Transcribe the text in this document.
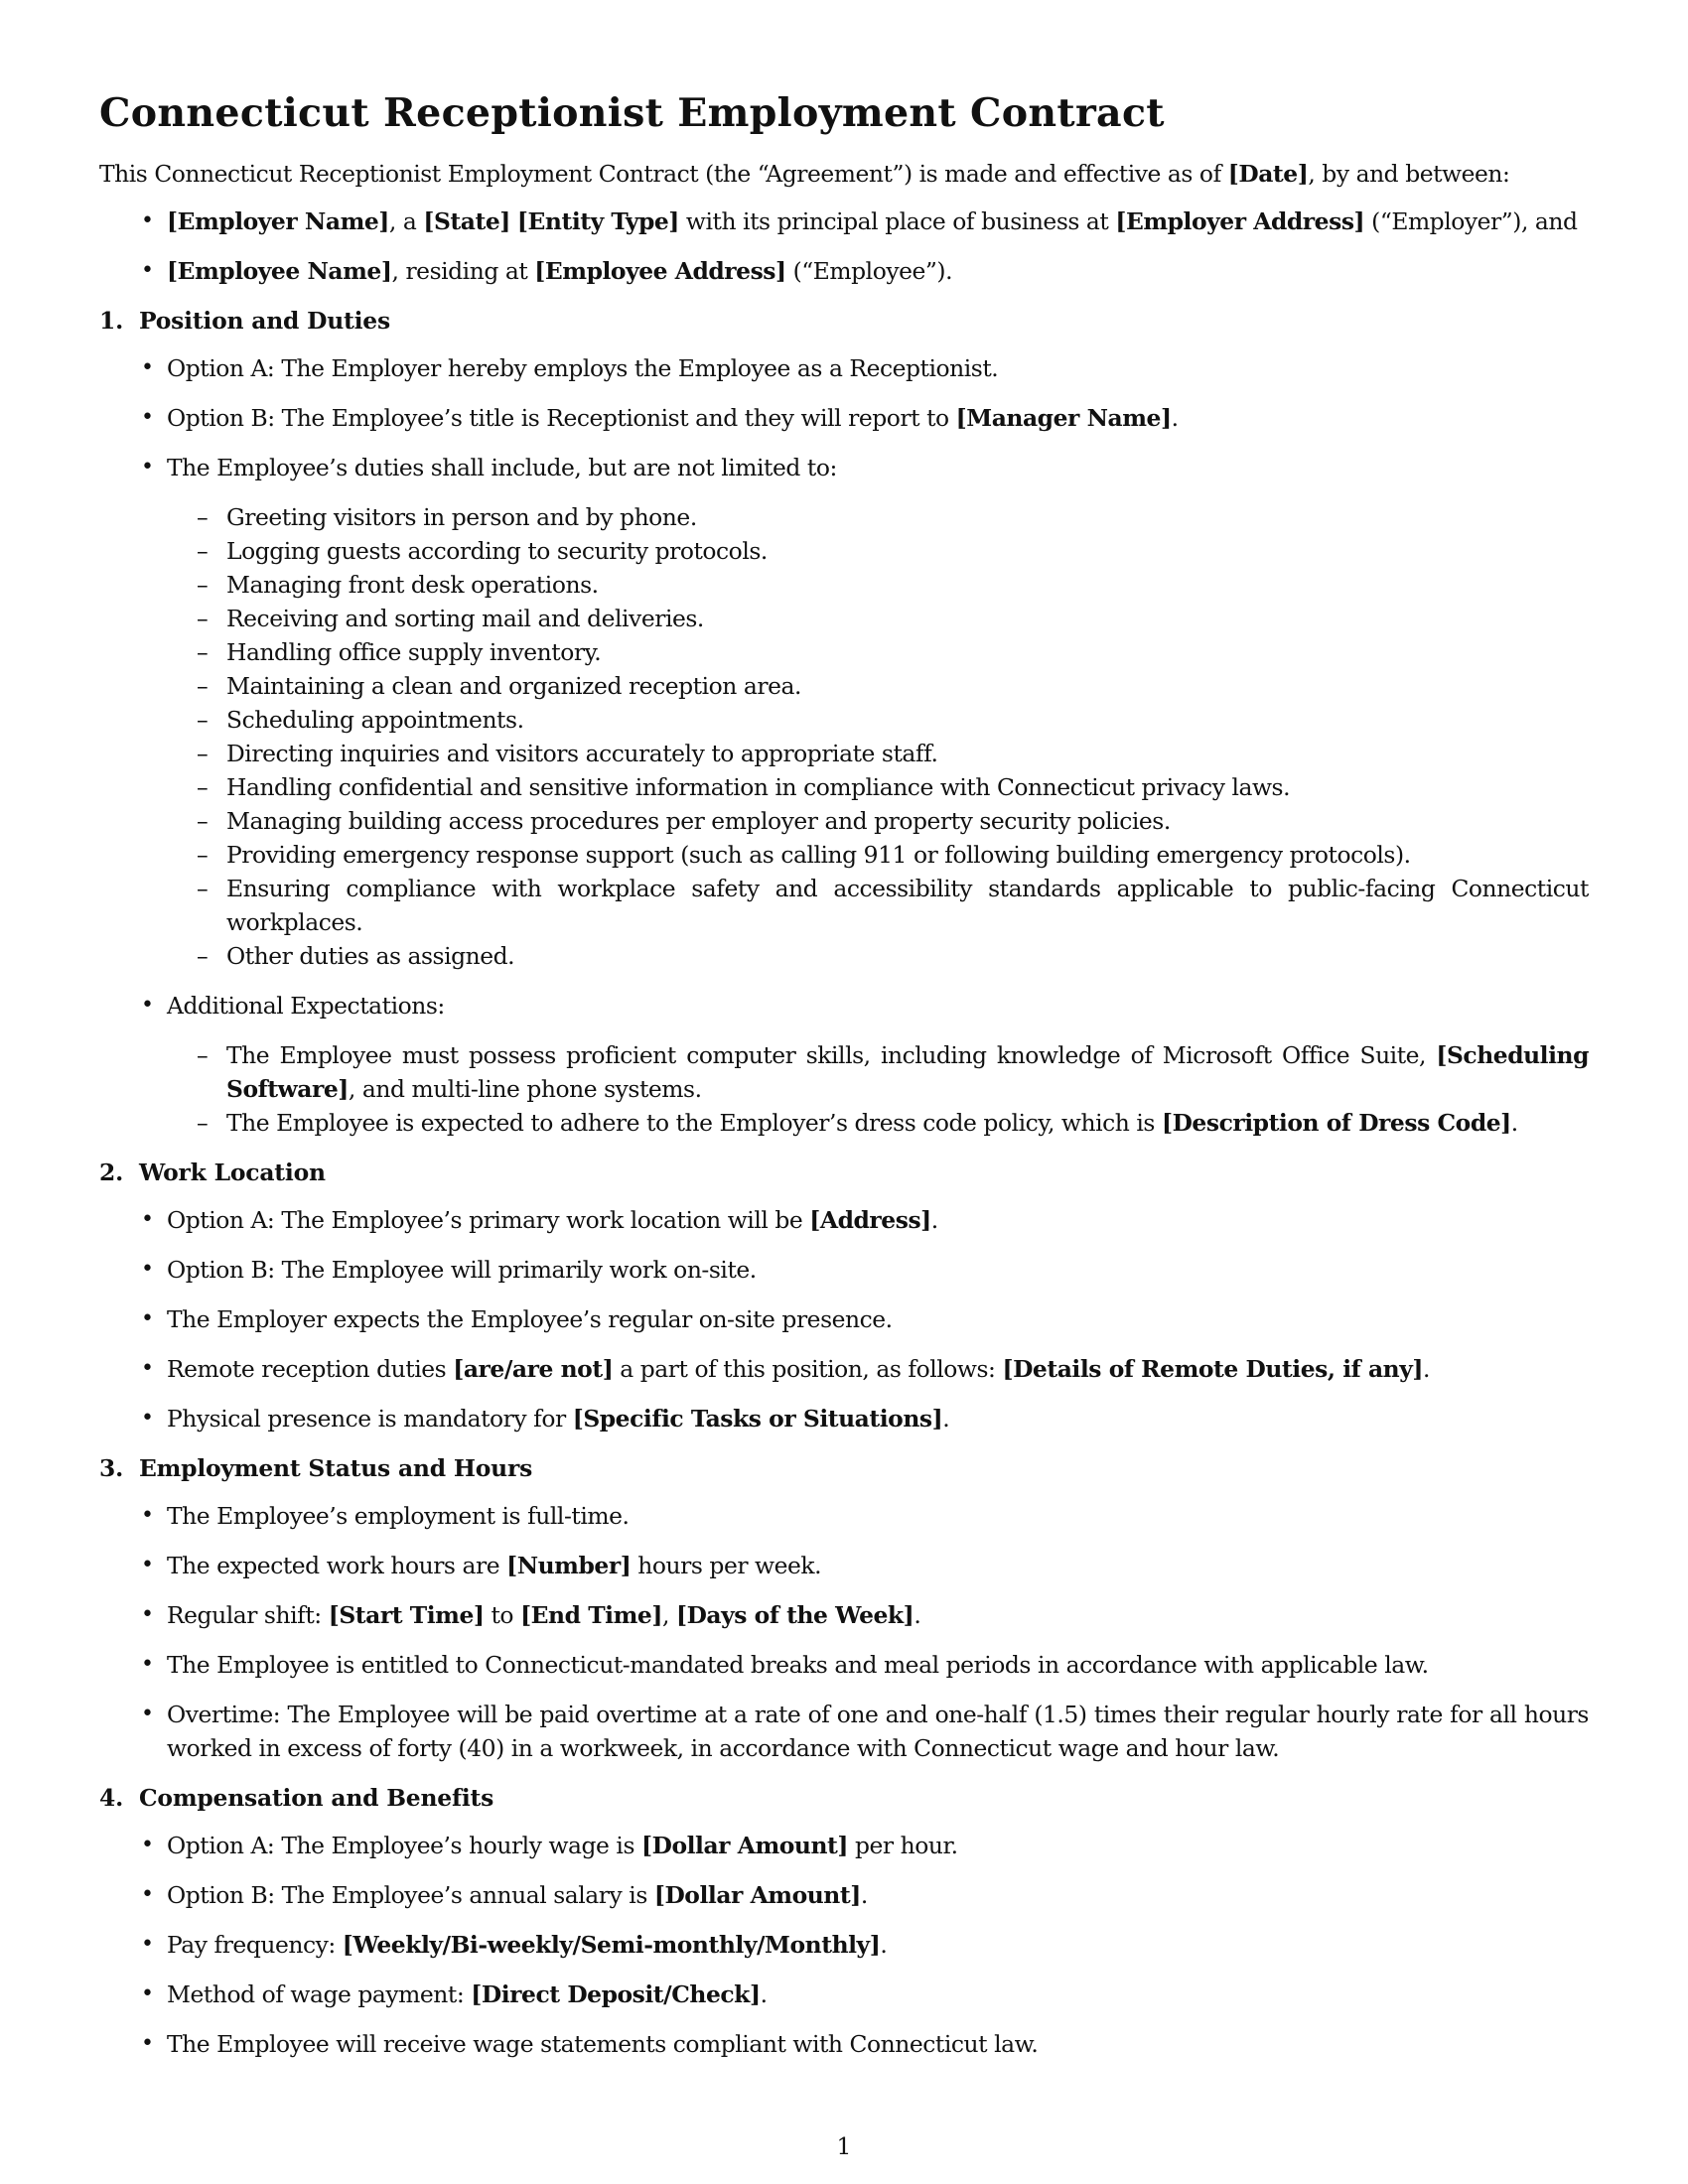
Connecticut Receptionist Employment Contract

This Connecticut Receptionist Employment Contract (the “Agreement”) is made and effective as of [Date], by and between:

• [Employer Name], a [State] [Entity Type] with its principal place of business at [Employer Address] (“Employer”), and
• [Employee Name], residing at [Employee Address] (“Employee”).
1. Position and Duties
• Option A: The Employer hereby employs the Employee as a Receptionist.
• Option B: The Employee’s title is Receptionist and they will report to [Manager Name].
• The Employee’s duties shall include, but are not limited to:
– Greeting visitors in person and by phone.
– Logging guests according to security protocols.
– Managing front desk operations.
– Receiving and sorting mail and deliveries.
– Handling office supply inventory.
– Maintaining a clean and organized reception area.
– Scheduling appointments.
– Directing inquiries and visitors accurately to appropriate staff.
– Handling confidential and sensitive information in compliance with Connecticut privacy laws.
– Managing building access procedures per employer and property security policies.
– Providing emergency response support (such as calling 911 or following building emergency protocols).
– Ensuring compliance with workplace safety and accessibility standards applicable to public-facing Connecticut workplaces.
– Other duties as assigned.
• Additional Expectations:
– The Employee must possess proficient computer skills, including knowledge of Microsoft Office Suite, [Scheduling Software], and multi-line phone systems.
– The Employee is expected to adhere to the Employer’s dress code policy, which is [Description of Dress Code].
2. Work Location
• Option A: The Employee’s primary work location will be [Address].
• Option B: The Employee will primarily work on-site.
• The Employer expects the Employee’s regular on-site presence.
• Remote reception duties [are/are not] a part of this position, as follows: [Details of Remote Duties, if any].
• Physical presence is mandatory for [Specific Tasks or Situations].
3. Employment Status and Hours
• The Employee’s employment is full-time.
• The expected work hours are [Number] hours per week.
• Regular shift: [Start Time] to [End Time], [Days of the Week].
• The Employee is entitled to Connecticut-mandated breaks and meal periods in accordance with applicable law.
• Overtime: The Employee will be paid overtime at a rate of one and one-half (1.5) times their regular hourly rate for all hours worked in excess of forty (40) in a workweek, in accordance with Connecticut wage and hour law.
4. Compensation and Benefits
• Option A: The Employee’s hourly wage is [Dollar Amount] per hour.
• Option B: The Employee’s annual salary is [Dollar Amount].
• Pay frequency: [Weekly/Bi-weekly/Semi-monthly/Monthly].
• Method of wage payment: [Direct Deposit/Check].
• The Employee will receive wage statements compliant with Connecticut law.
1
